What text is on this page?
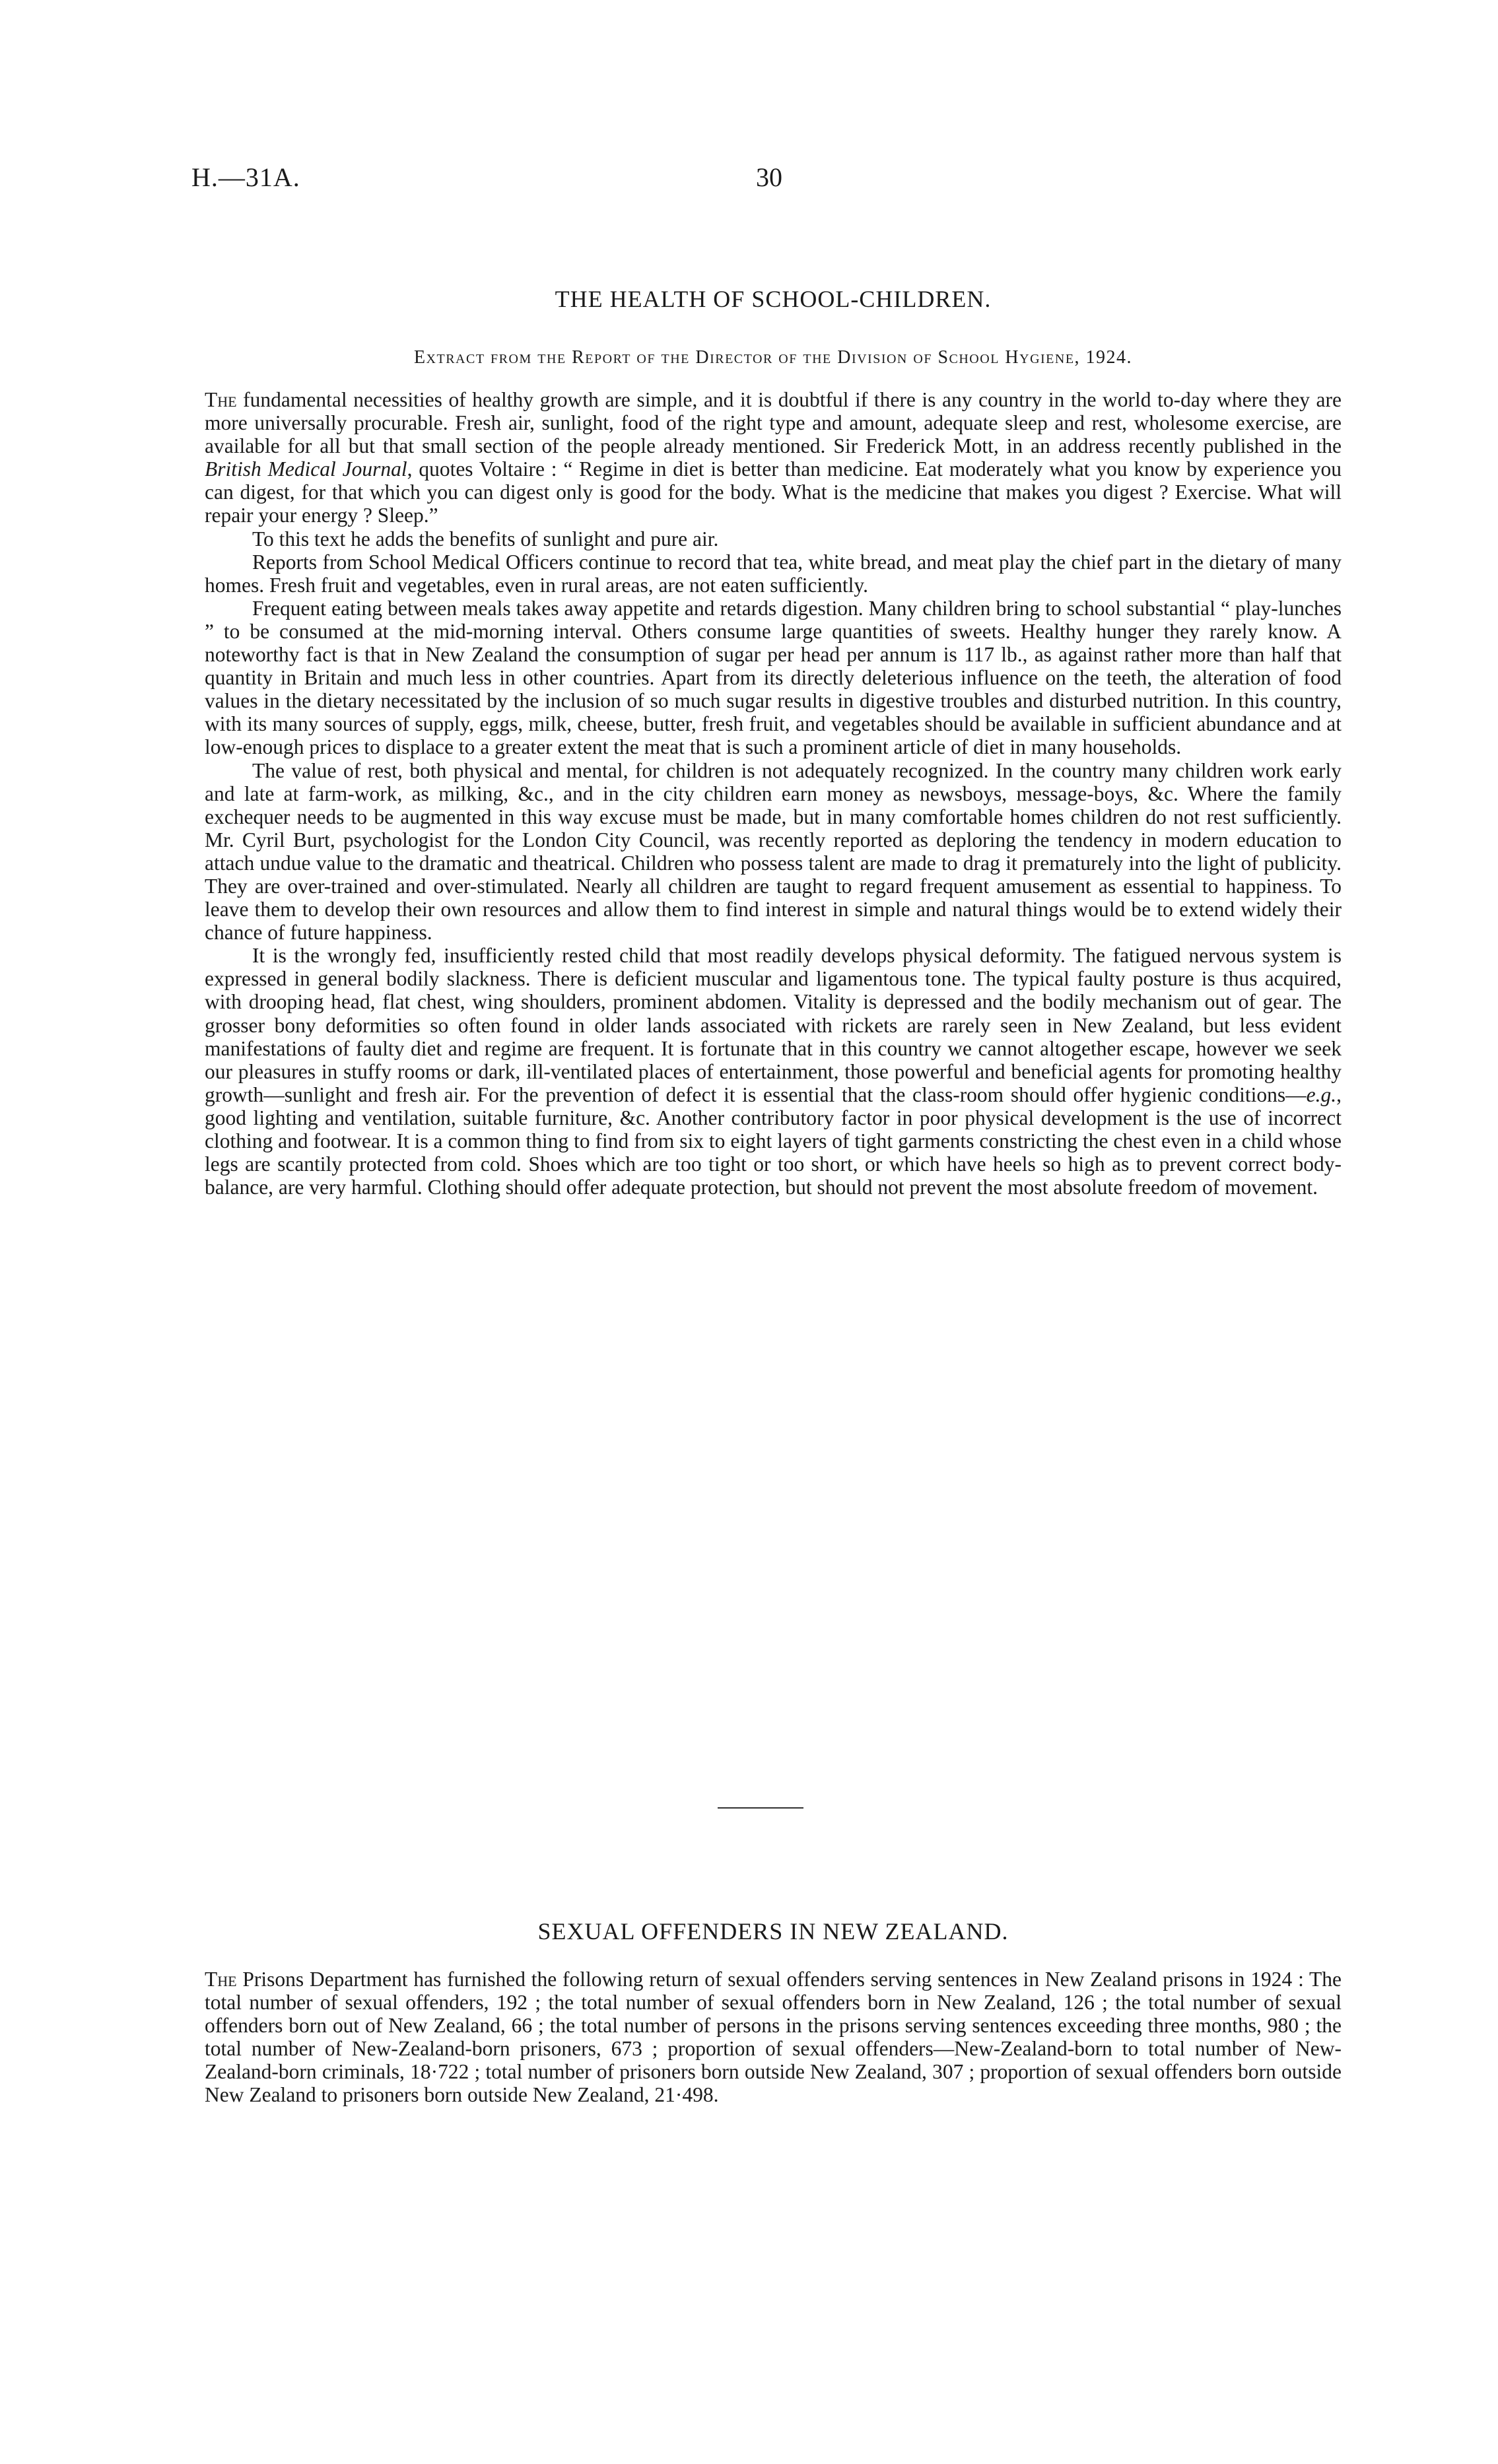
H.—31A.	30
THE HEALTH OF SCHOOL-CHILDREN.

Extract from the Report of the Director of the Division of School Hygiene, 1924.

The fundamental necessities of healthy growth are simple, and it is doubtful if there is any country in the world to-day where they are more universally procurable. Fresh air, sunlight, food of the right type and amount, adequate sleep and rest, wholesome exercise, are available for all but that small section of the people already mentioned. Sir Frederick Mott, in an address recently published in the British Medical Journal, quotes Voltaire : “ Regime in diet is better than medicine. Eat moderately what you know by experience you can digest, for that which you can digest only is good for the body. What is the medicine that makes you digest ? Exercise. What will repair your energy ? Sleep.”

To this text he adds the benefits of sunlight and pure air.

Reports from School Medical Officers continue to record that tea, white bread, and meat play the chief part in the dietary of many homes. Fresh fruit and vegetables, even in rural areas, are not eaten sufficiently.

Frequent eating between meals takes away appetite and retards digestion. Many children bring to school substantial “ play-lunches ” to be consumed at the mid-morning interval. Others consume large quantities of sweets. Healthy hunger they rarely know. A noteworthy fact is that in New Zealand the consumption of sugar per head per annum is 117 lb., as against rather more than half that quantity in Britain and much less in other countries. Apart from its directly deleterious influence on the teeth, the alteration of food values in the dietary necessitated by the inclusion of so much sugar results in digestive troubles and disturbed nutrition. In this country, with its many sources of supply, eggs, milk, cheese, butter, fresh fruit, and vegetables should be available in sufficient abundance and at low-enough prices to displace to a greater extent the meat that is such a prominent article of diet in many households.

The value of rest, both physical and mental, for children is not adequately recognized. In the country many children work early and late at farm-work, as milking, &c., and in the city children earn money as newsboys, message-boys, &c. Where the family exchequer needs to be augmented in this way excuse must be made, but in many comfortable homes children do not rest sufficiently. Mr. Cyril Burt, psychologist for the London City Council, was recently reported as deploring the tendency in modern education to attach undue value to the dramatic and theatrical. Children who possess talent are made to drag it prematurely into the light of publicity. They are over-trained and over-stimulated. Nearly all children are taught to regard frequent amusement as essential to happiness. To leave them to develop their own resources and allow them to find interest in simple and natural things would be to extend widely their chance of future happiness.

It is the wrongly fed, insufficiently rested child that most readily develops physical deformity. The fatigued nervous system is expressed in general bodily slackness. There is deficient muscular and ligamentous tone. The typical faulty posture is thus acquired, with drooping head, flat chest, wing shoulders, prominent abdomen. Vitality is depressed and the bodily mechanism out of gear. The grosser bony deformities so often found in older lands associated with rickets are rarely seen in New Zealand, but less evident manifestations of faulty diet and regime are frequent. It is fortunate that in this country we cannot altogether escape, however we seek our pleasures in stuffy rooms or dark, ill-ventilated places of entertainment, those powerful and beneficial agents for promoting healthy growth—sunlight and fresh air. For the prevention of defect it is essential that the class-room should offer hygienic conditions—e.g., good lighting and ventilation, suitable furniture, &c. Another contributory factor in poor physical development is the use of incorrect clothing and footwear. It is a common thing to find from six to eight layers of tight garments constricting the chest even in a child whose legs are scantily protected from cold. Shoes which are too tight or too short, or which have heels so high as to prevent correct body-balance, are very harmful. Clothing should offer adequate protection, but should not prevent the most absolute freedom of movement.

SEXUAL OFFENDERS IN NEW ZEALAND.

The Prisons Department has furnished the following return of sexual offenders serving sentences in New Zealand prisons in 1924 : The total number of sexual offenders, 192 ; the total number of sexual offenders born in New Zealand, 126 ; the total number of sexual offenders born out of New Zealand, 66 ; the total number of persons in the prisons serving sentences exceeding three months, 980 ; the total number of New-Zealand-born prisoners, 673 ; proportion of sexual offenders—New-Zealand-born to total number of New-Zealand-born criminals, 18·722 ; total number of prisoners born outside New Zealand, 307 ; proportion of sexual offenders born outside New Zealand to prisoners born outside New Zealand, 21·498.
